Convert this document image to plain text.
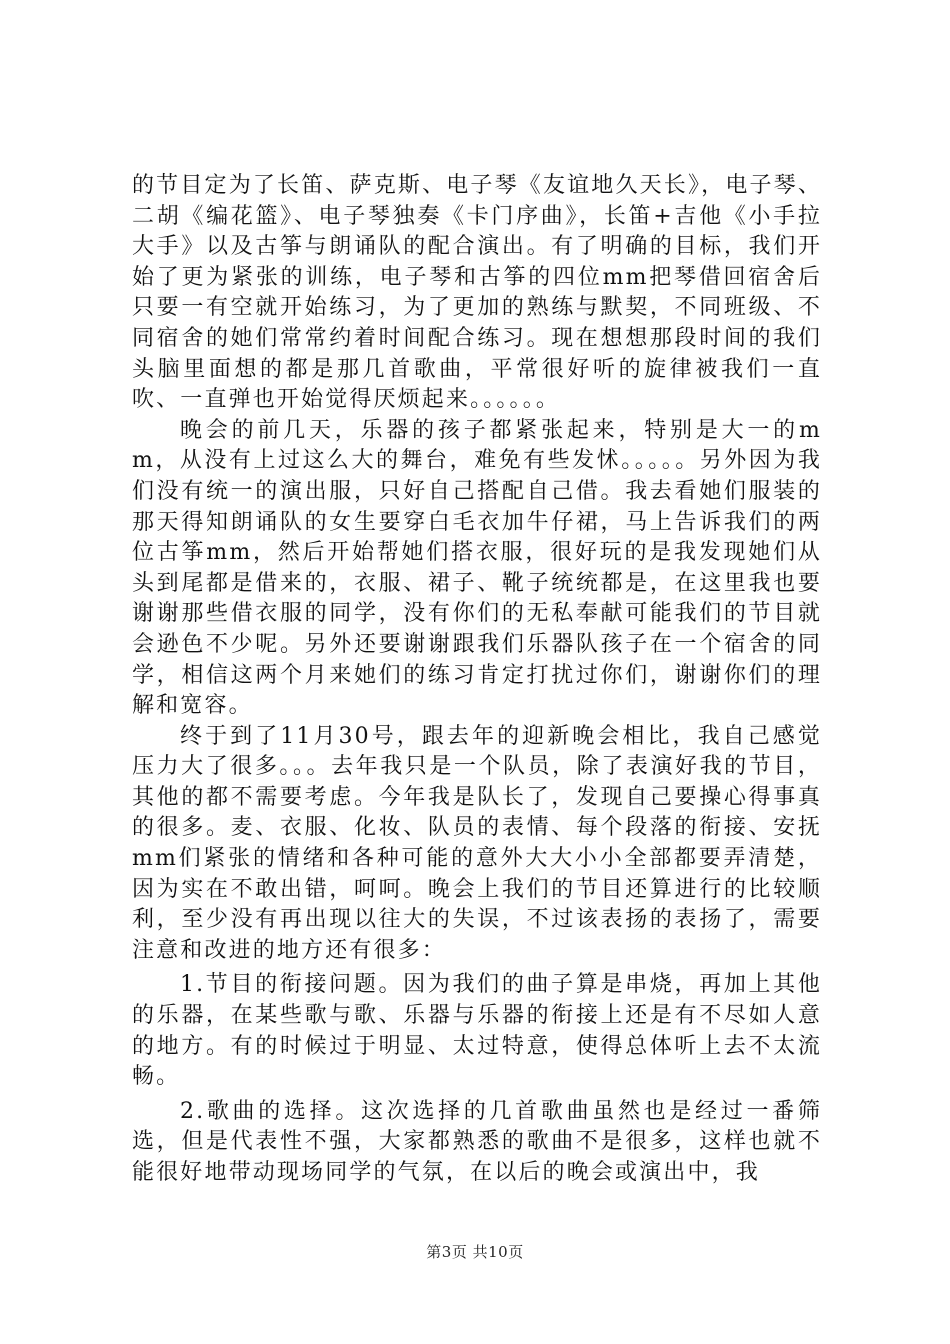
的节目定为了长笛、萨克斯、电子琴《友谊地久天长》，电子琴、二胡《编花篮》、电子琴独奏《卡门序曲》，长笛+吉他《小手拉大手》以及古筝与朗诵队的配合演出。有了明确的目标，我们开始了更为紧张的训练，电子琴和古筝的四位mm把琴借回宿舍后只要一有空就开始练习，为了更加的熟练与默契，不同班级、不同宿舍的她们常常约着时间配合练习。现在想想那段时间的我们头脑里面想的都是那几首歌曲，平常很好听的旋律被我们一直吹、一直弹也开始觉得厌烦起来。。。。。。

晚会的前几天，乐器的孩子都紧张起来，特别是大一的mm，从没有上过这么大的舞台，难免有些发怵。。。。。另外因为我们没有统一的演出服，只好自己搭配自己借。我去看她们服装的那天得知朗诵队的女生要穿白毛衣加牛仔裙，马上告诉我们的两位古筝mm，然后开始帮她们搭衣服，很好玩的是我发现她们从头到尾都是借来的，衣服、裙子、靴子统统都是，在这里我也要谢谢那些借衣服的同学，没有你们的无私奉献可能我们的节目就会逊色不少呢。另外还要谢谢跟我们乐器队孩子在一个宿舍的同学，相信这两个月来她们的练习肯定打扰过你们，谢谢你们的理解和宽容。

终于到了11月30号，跟去年的迎新晚会相比，我自己感觉压力大了很多。。。去年我只是一个队员，除了表演好我的节目，其他的都不需要考虑。今年我是队长了，发现自己要操心得事真的很多。麦、衣服、化妆、队员的表情、每个段落的衔接、安抚mm们紧张的情绪和各种可能的意外大大小小全部都要弄清楚，因为实在不敢出错，呵呵。晚会上我们的节目还算进行的比较顺利，至少没有再出现以往大的失误，不过该表扬的表扬了，需要注意和改进的地方还有很多：

1.节目的衔接问题。因为我们的曲子算是串烧，再加上其他的乐器，在某些歌与歌、乐器与乐器的衔接上还是有不尽如人意的地方。有的时候过于明显、太过特意，使得总体听上去不太流畅。

2.歌曲的选择。这次选择的几首歌曲虽然也是经过一番筛选，但是代表性不强，大家都熟悉的歌曲不是很多，这样也就不能很好地带动现场同学的气氛，在以后的晚会或演出中，我

第3页 共10页
